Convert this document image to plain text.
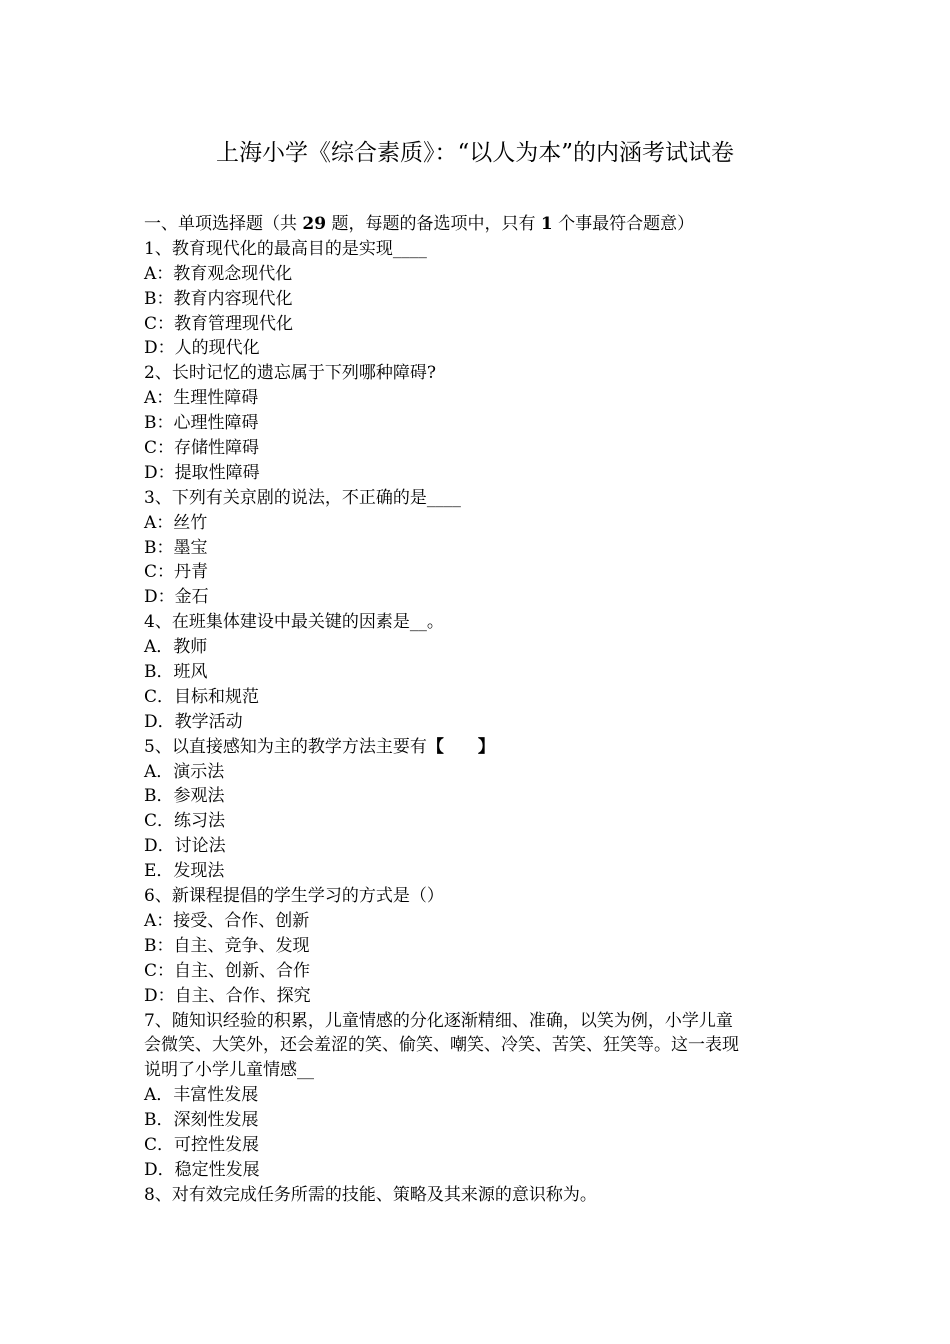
上海小学《综合素质》：“以人为本”的内涵考试试卷
一、单项选择题（共 29 题，每题的备选项中，只有 1 个事最符合题意）
1、教育现代化的最高目的是实现____
A：教育观念现代化
B：教育内容现代化
C：教育管理现代化
D：人的现代化
2、长时记忆的遗忘属于下列哪种障碍?
A：生理性障碍
B：心理性障碍
C：存储性障碍
D：提取性障碍
3、下列有关京剧的说法，不正确的是____
A：丝竹
B：墨宝
C：丹青
D：金石
4、在班集体建设中最关键的因素是__。
A．教师
B．班风
C．目标和规范
D．教学活动
5、以直接感知为主的教学方法主要有【　　】
A．演示法
B．参观法
C．练习法
D．讨论法
E．发现法
6、新课程提倡的学生学习的方式是（）
A：接受、合作、创新
B：自主、竞争、发现
C：自主、创新、合作
D：自主、合作、探究
7、随知识经验的积累，儿童情感的分化逐渐精细、准确，以笑为例，小学儿童
会微笑、大笑外，还会羞涩的笑、偷笑、嘲笑、冷笑、苦笑、狂笑等。这一表现
说明了小学儿童情感__
A．丰富性发展
B．深刻性发展
C．可控性发展
D．稳定性发展
8、对有效完成任务所需的技能、策略及其来源的意识称为。
